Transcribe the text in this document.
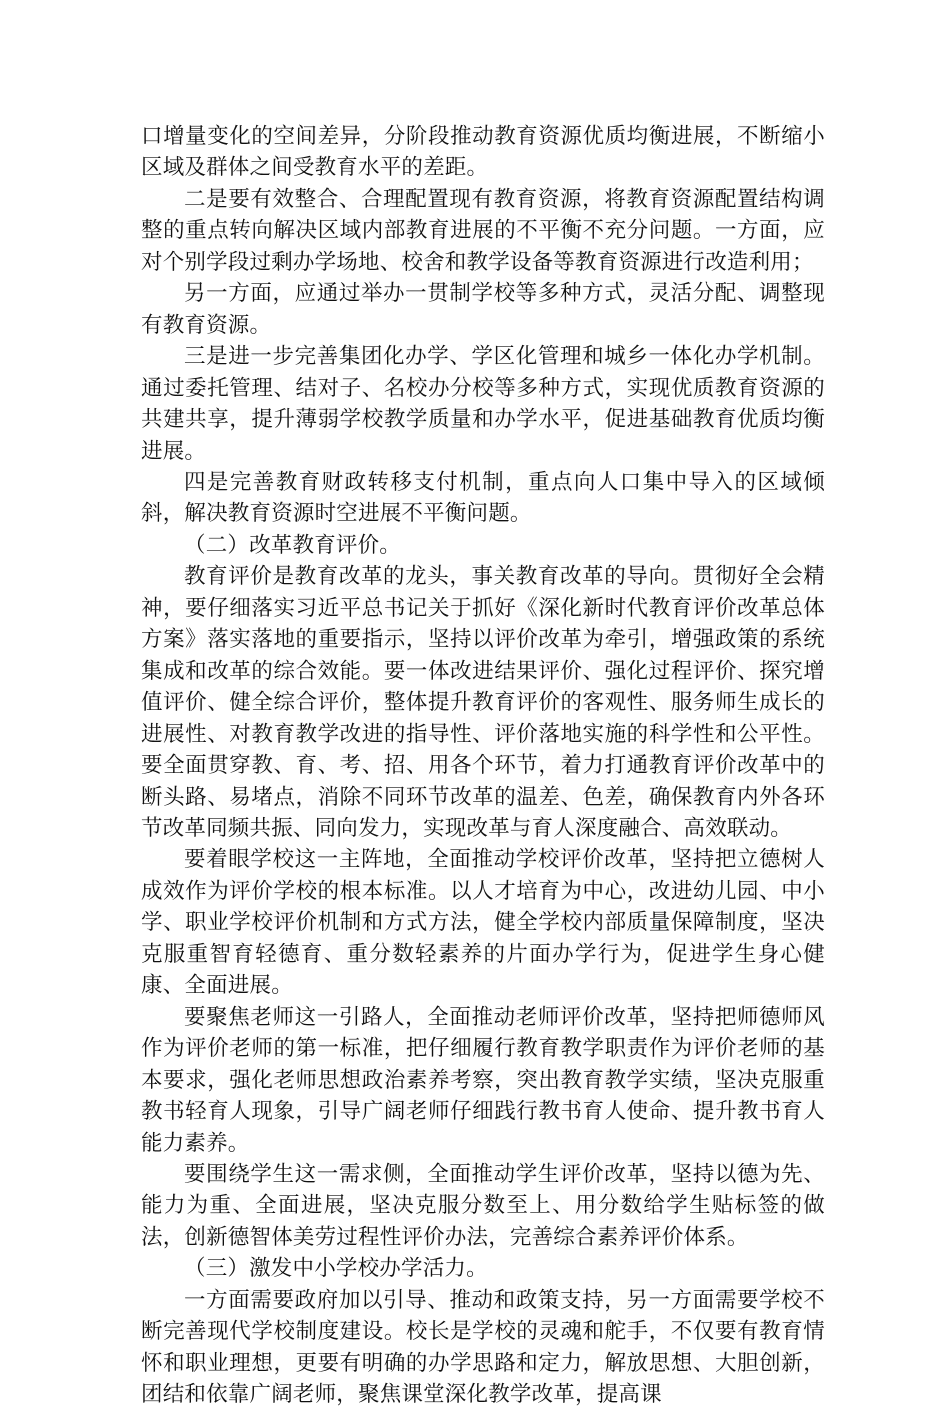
口增量变化的空间差异，分阶段推动教育资源优质均衡进展，不断缩小区域及群体之间受教育水平的差距。

二是要有效整合、合理配置现有教育资源，将教育资源配置结构调整的重点转向解决区域内部教育进展的不平衡不充分问题。一方面，应对个别学段过剩办学场地、校舍和教学设备等教育资源进行改造利用；

另一方面，应通过举办一贯制学校等多种方式，灵活分配、调整现有教育资源。

三是进一步完善集团化办学、学区化管理和城乡一体化办学机制。通过委托管理、结对子、名校办分校等多种方式，实现优质教育资源的共建共享，提升薄弱学校教学质量和办学水平，促进基础教育优质均衡进展。

四是完善教育财政转移支付机制，重点向人口集中导入的区域倾斜，解决教育资源时空进展不平衡问题。

（二）改革教育评价。

教育评价是教育改革的龙头，事关教育改革的导向。贯彻好全会精神，要仔细落实习近平总书记关于抓好《深化新时代教育评价改革总体方案》落实落地的重要指示，坚持以评价改革为牵引，增强政策的系统集成和改革的综合效能。要一体改进结果评价、强化过程评价、探究增值评价、健全综合评价，整体提升教育评价的客观性、服务师生成长的进展性、对教育教学改进的指导性、评价落地实施的科学性和公平性。要全面贯穿教、育、考、招、用各个环节，着力打通教育评价改革中的断头路、易堵点，消除不同环节改革的温差、色差，确保教育内外各环节改革同频共振、同向发力，实现改革与育人深度融合、高效联动。

要着眼学校这一主阵地，全面推动学校评价改革，坚持把立德树人成效作为评价学校的根本标准。以人才培育为中心，改进幼儿园、中小学、职业学校评价机制和方式方法，健全学校内部质量保障制度，坚决克服重智育轻德育、重分数轻素养的片面办学行为，促进学生身心健康、全面进展。

要聚焦老师这一引路人，全面推动老师评价改革，坚持把师德师风作为评价老师的第一标准，把仔细履行教育教学职责作为评价老师的基本要求，强化老师思想政治素养考察，突出教育教学实绩，坚决克服重教书轻育人现象，引导广阔老师仔细践行教书育人使命、提升教书育人能力素养。

要围绕学生这一需求侧，全面推动学生评价改革，坚持以德为先、能力为重、全面进展，坚决克服分数至上、用分数给学生贴标签的做法，创新德智体美劳过程性评价办法，完善综合素养评价体系。

（三）激发中小学校办学活力。

一方面需要政府加以引导、推动和政策支持，另一方面需要学校不断完善现代学校制度建设。校长是学校的灵魂和舵手，不仅要有教育情怀和职业理想，更要有明确的办学思路和定力，解放思想、大胆创新，团结和依靠广阔老师，聚焦课堂深化教学改革，提高课
